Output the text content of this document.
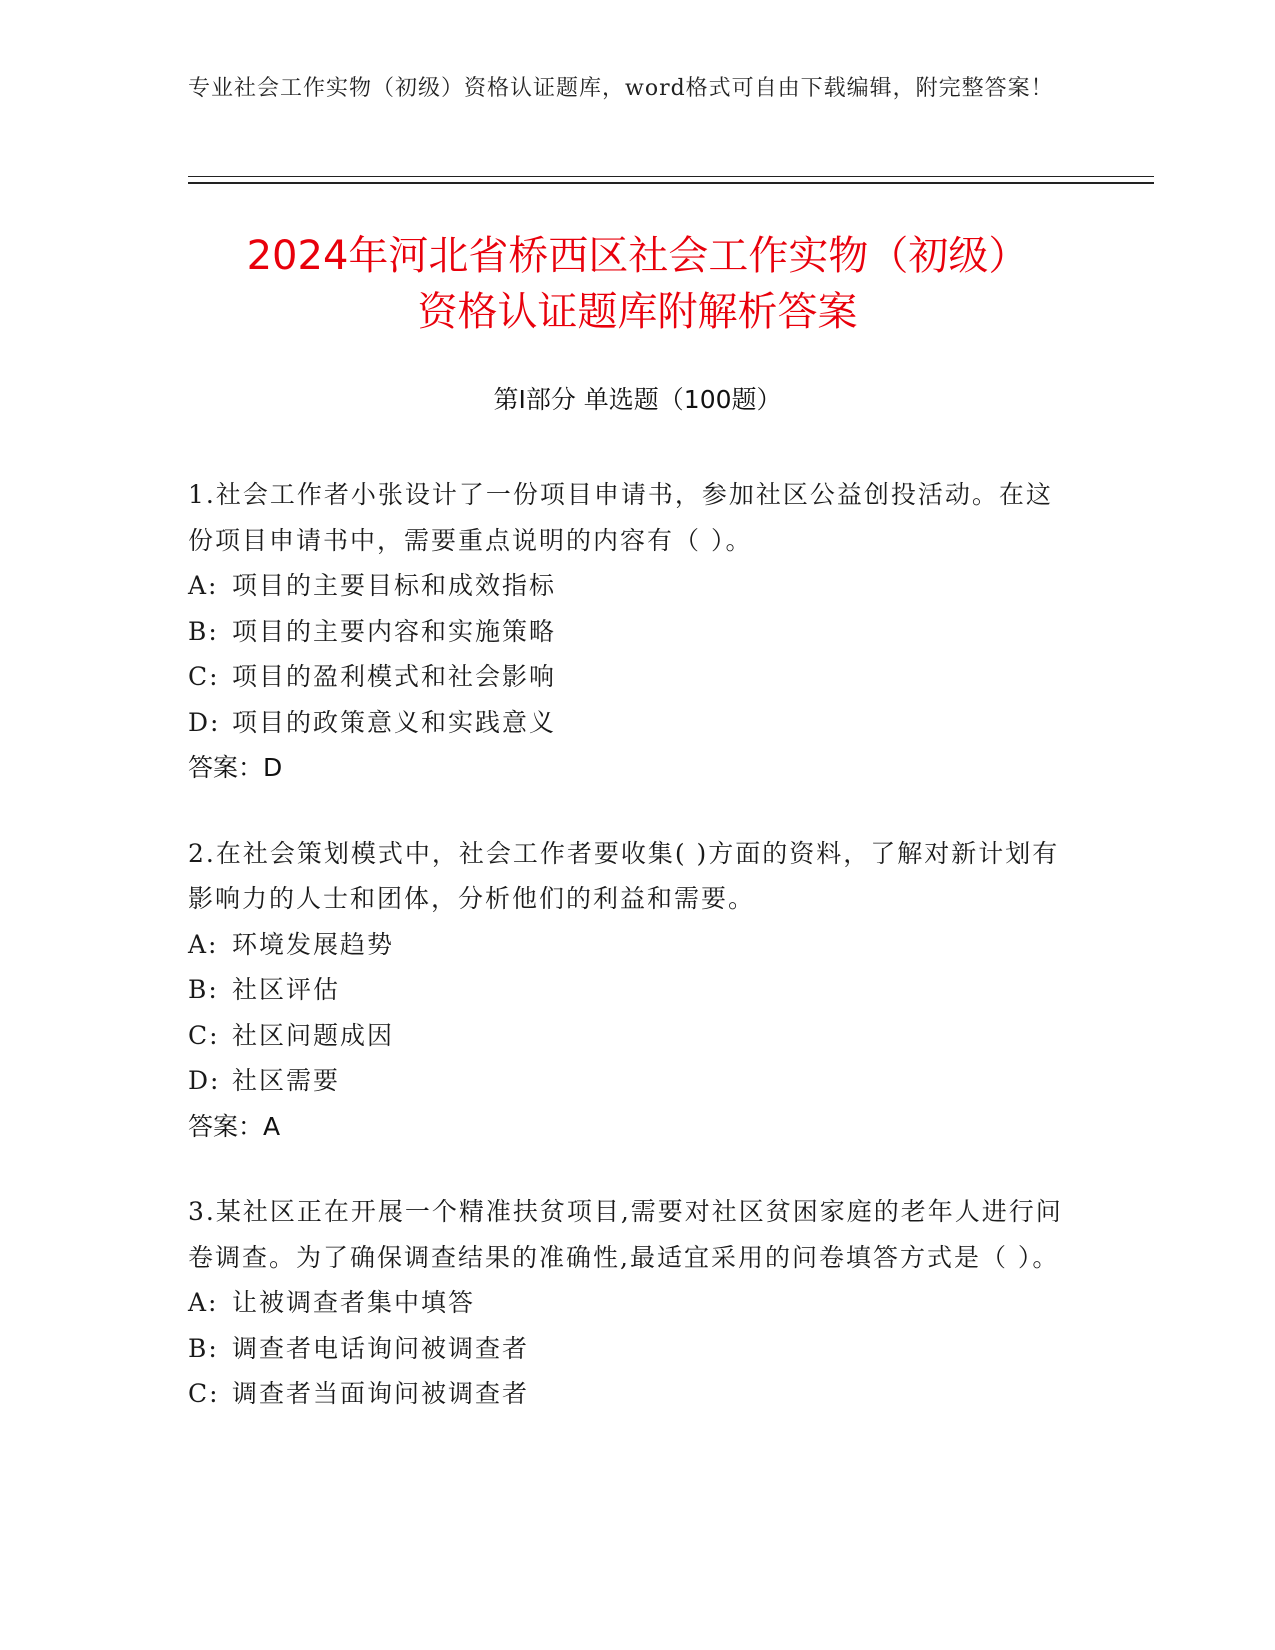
专业社会工作实物（初级）资格认证题库，word格式可自由下载编辑，附完整答案！
2024年河北省桥西区社会工作实物（初级）
资格认证题库附解析答案
第Ⅰ部分 单选题（100题）
1.社会工作者小张设计了一份项目申请书，参加社区公益创投活动。在这份项目申请书中，需要重点说明的内容有（ ）。
A: 项目的主要目标和成效指标
B: 项目的主要内容和实施策略
C: 项目的盈利模式和社会影响
D: 项目的政策意义和实践意义
答案：D
2.在社会策划模式中，社会工作者要收集( )方面的资料，了解对新计划有影响力的人士和团体，分析他们的利益和需要。
A: 环境发展趋势
B: 社区评估
C: 社区问题成因
D: 社区需要
答案：A
3.某社区正在开展一个精准扶贫项目,需要对社区贫困家庭的老年人进行问卷调查。为了确保调查结果的准确性,最适宜采用的问卷填答方式是（ ）。
A: 让被调查者集中填答
B: 调查者电话询问被调查者
C: 调查者当面询问被调查者
